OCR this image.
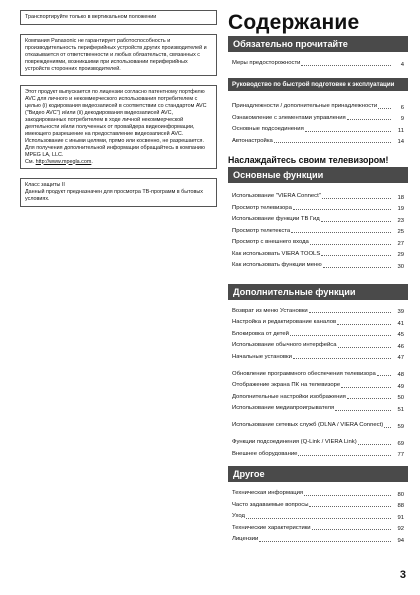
Транспортируйте только в вертикальном положении

Компания Panasonic не гарантирует работоспособность и производительность периферийных устройств других производителей и отказывается от ответственности и любых обязательств, связанных с повреждениями, возникшими при использовании периферийных устройств сторонних производителей.

Этот продукт выпускается по лицензии согласно патентному портфелю AVC для личного и некоммерческого использования потребителем с целью (i) кодирования видеозаписей в соответствии со стандартом AVC ("Видео AVC") и/или (ii) декодирования видеозаписей AVC, закодированных потребителем в ходе личной некоммерческой деятельности и/или полученных от провайдера видеоинформации, имеющего разрешение на предоставление видеозаписей AVC. Использование с иными целями, прямо или косвенно, не разрешается.

Для получения дополнительной информации обращайтесь в компанию MPEG LA, LLC.

См. http://www.mpegla.com.

Класс защиты II

Данный продукт предназначен для просмотра ТВ-программ в бытовых условиях.

Содержание
Обязательно прочитайте
Меры предосторожности	4
Руководство по быстрой подготовке к эксплуатации
Принадлежности / дополнительные принадлежности	6
Ознакомление с элементами управления	9
Основные подсоединения	11
Автонастройка	14
Наслаждайтесь своим телевизором!
Основные функции
Использование "VIERA Connect"	18
Просмотр телевизора	19
Использование функции ТВ Гид	23
Просмотр телетекста	25
Просмотр с внешнего входа	27
Как использовать VIERA TOOLS	29
Как использовать функции меню	30
Дополнительные функции
Возврат из меню Установки	39
Настройка и редактирование каналов	41
Блокировка от детей	45
Использование обычного интерфейса	46
Начальные установки	47
Обновление программного обеспечения телевизора	48
Отображение экрана ПК на телевизоре	49
Дополнительные настройки изображения	50
Использование медиапроигрывателя	51
Использование сетевых служб (DLNA / VIERA Connect)	59
Функции подсоединения (Q-Link / VIERA Link)	69
Внешнее оборудование	77
Другое
Техническая информация	80
Часто задаваемые вопросы	88
Уход	91
Технические характеристики	92
Лицензии	94
3
